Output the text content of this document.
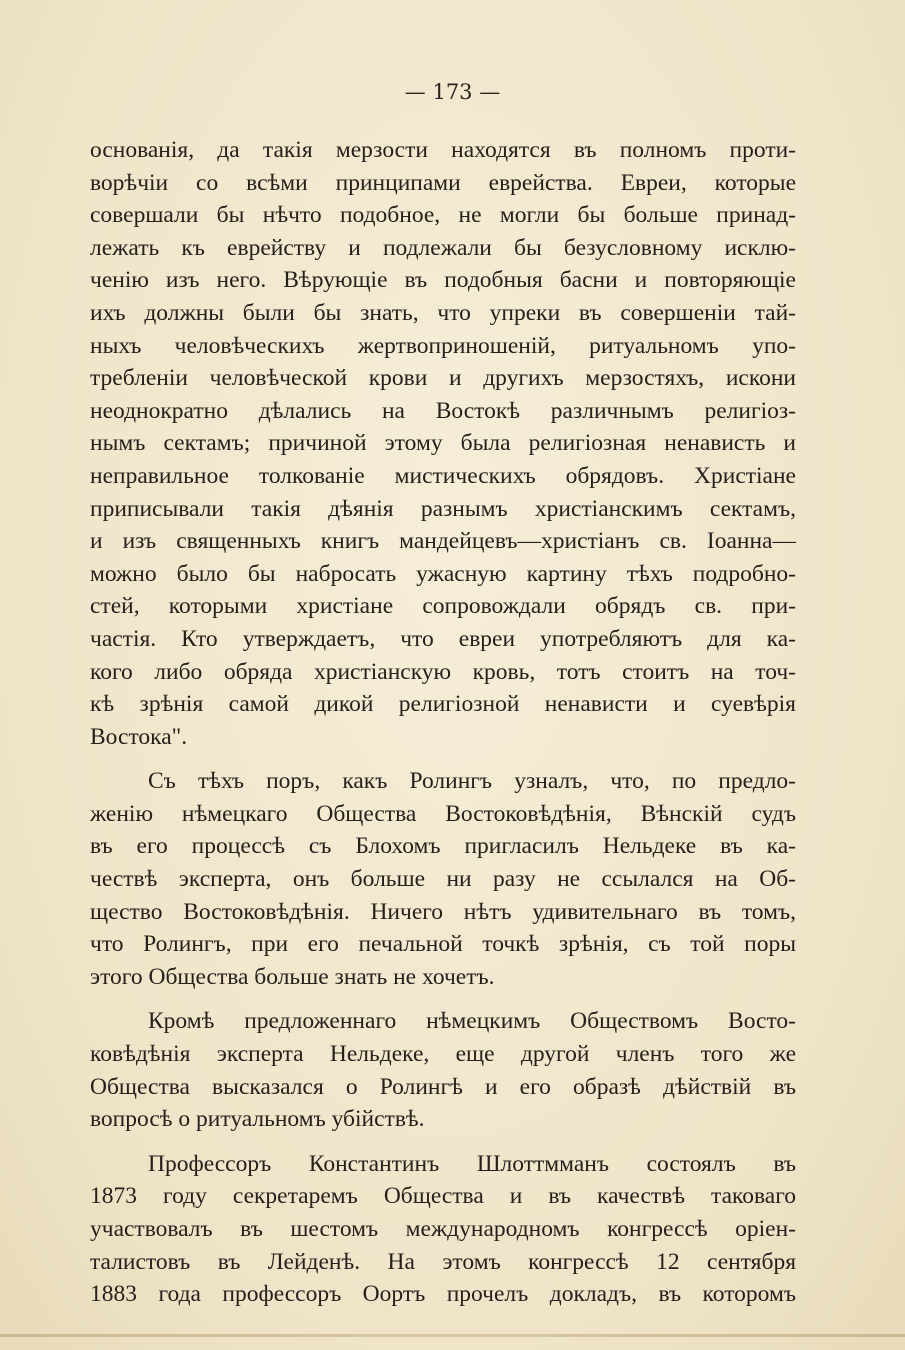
— 173 —
основанія, да такія мерзости находятся въ полномъ проти-
ворѣчіи со всѣми принципами еврейства. Евреи, которые
совершали бы нѣчто подобное, не могли бы больше принад-
лежать къ еврейству и подлежали бы безусловному исклю-
ченію изъ него. Вѣрующіе въ подобныя басни и повторяющіе
ихъ должны были бы знать, что упреки въ совершеніи тай-
ныхъ человѣческихъ жертвоприношеній, ритуальномъ упо-
требленіи человѣческой крови и другихъ мерзостяхъ, искони
неоднократно дѣлались на Востокѣ различнымъ религіоз-
нымъ сектамъ; причиной этому была религіозная ненависть и
неправильное толкованіе мистическихъ обрядовъ. Христіане
приписывали такія дѣянія разнымъ христіанскимъ сектамъ,
и изъ священныхъ книгъ мандейцевъ—христіанъ св. Іоанна—
можно было бы набросать ужасную картину тѣхъ подробно-
стей, которыми христіане сопровождали обрядъ св. при-
частія. Кто утверждаетъ, что евреи употребляютъ для ка-
кого либо обряда христіанскую кровь, тотъ стоитъ на точ-
кѣ зрѣнія самой дикой религіозной ненависти и суевѣрія
Востока".
Съ тѣхъ поръ, какъ Ролингъ узналъ, что, по предло-
женію нѣмецкаго Общества Востоковѣдѣнія, Вѣнскій судъ
въ его процессѣ съ Блохомъ пригласилъ Нельдеке въ ка-
чествѣ эксперта, онъ больше ни разу не ссылался на Об-
щество Востоковѣдѣнія. Ничего нѣтъ удивительнаго въ томъ,
что Ролингъ, при его печальной точкѣ зрѣнія, съ той поры
этого Общества больше знать не хочетъ.
Кромѣ предложеннаго нѣмецкимъ Обществомъ Восто-
ковѣдѣнія эксперта Нельдеке, еще другой членъ того же
Общества высказался о Ролингѣ и его образѣ дѣйствій въ
вопросѣ о ритуальномъ убійствѣ.
Профессоръ Константинъ Шлоттмманъ состоялъ въ
1873 году секретаремъ Общества и въ качествѣ таковаго
участвовалъ въ шестомъ международномъ конгрессѣ оріен-
талистовъ въ Лейденѣ. На этомъ конгрессѣ 12 сентября
1883 года профессоръ Оортъ прочелъ докладъ, въ которомъ
